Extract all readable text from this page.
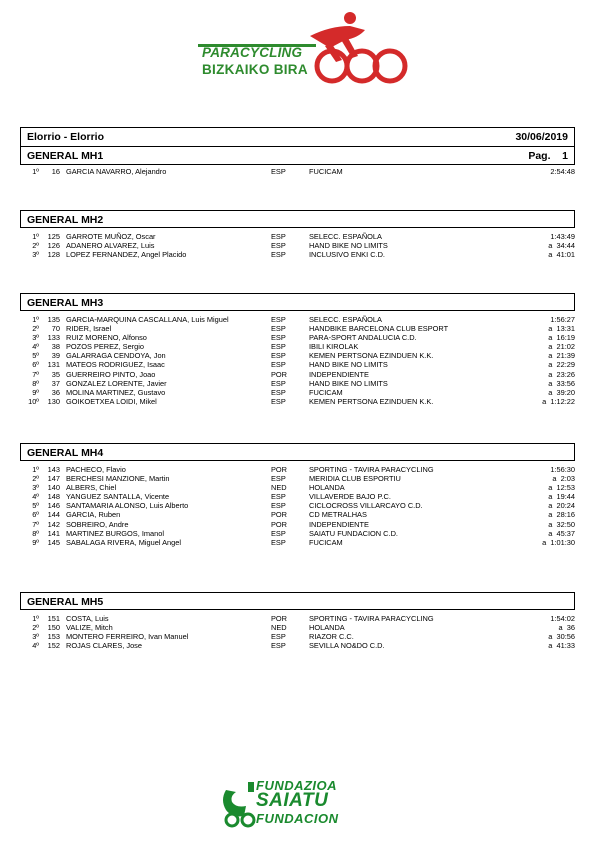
PARACYCLING
BIZKAIKO BIRA
Elorrio - Elorrio	30/06/2019
GENERAL MH1	Pag.    1
1º	16 GARCIA NAVARRO, Alejandro	ESP	FUCICAM	2:54:48
GENERAL MH2
1º	125 GARROTE MUÑOZ, Oscar	ESP	SELECC. ESPAÑOLA	1:43:49
2º	126 ADANERO ALVAREZ, Luis	ESP	HAND BIKE NO LIMITS	a  34:44
3º	128 LOPEZ FERNANDEZ, Angel Placido	ESP	INCLUSIVO ENKI C.D.	a  41:01
GENERAL MH3
1º	135 GARCIA-MARQUINA CASCALLANA, Luis Miguel	ESP	SELECC. ESPAÑOLA	1:56:27
2º	70 RIDER, Israel	ESP	HANDBIKE BARCELONA CLUB ESPORT	a  13:31
3º	133 RUIZ MORENO, Alfonso	ESP	PARA-SPORT ANDALUCIA C.D.	a  16:19
4º	38 POZOS PEREZ, Sergio	ESP	IBILI KIROLAK	a  21:02
5º	39 GALARRAGA CENDOYA, Jon	ESP	KEMEN PERTSONA EZINDUEN K.K.	a  21:39
6º	131 MATEOS RODRIGUEZ, Isaac	ESP	HAND BIKE NO LIMITS	a  22:29
7º	35 GUERREIRO PINTO, Joao	POR	INDEPENDIENTE	a  23:26
8º	37 GONZALEZ LORENTE, Javier	ESP	HAND BIKE NO LIMITS	a  33:56
9º	36 MOLINA MARTINEZ, Gustavo	ESP	FUCICAM	a  39:20
10º	130 GOIKOETXEA LOIDI, Mikel	ESP	KEMEN PERTSONA EZINDUEN K.K.	a  1:12:22
GENERAL MH4
1º	143 PACHECO, Flavio	POR	SPORTING - TAVIRA PARACYCLING	1:56:30
2º	147 BERCHESI MANZIONE, Martin	ESP	MERIDIA CLUB ESPORTIU	a  2:03
3º	140 ALBERS, Chiel	NED	HOLANDA	a  12:53
4º	148 YANGUEZ SANTALLA, Vicente	ESP	VILLAVERDE BAJO P.C.	a  19:44
5º	146 SANTAMARIA ALONSO, Luis Alberto	ESP	CICLOCROSS VILLARCAYO C.D.	a  20:24
6º	144 GARCIA, Ruben	POR	CD METRALHAS	a  28:16
7º	142 SOBREIRO, Andre	POR	INDEPENDIENTE	a  32:50
8º	141 MARTINEZ BURGOS, Imanol	ESP	SAIATU FUNDACION C.D.	a  45:37
9º	145 SABALAGA RIVERA, Miguel Angel	ESP	FUCICAM	a  1:01:30
GENERAL MH5
1º	151 COSTA, Luis	POR	SPORTING - TAVIRA PARACYCLING	1:54:02
2º	150 VALIZE, Mitch	NED	HOLANDA	a  36
3º	153 MONTERO FERREIRO, Ivan Manuel	ESP	RIAZOR C.C.	a  30:56
4º	152 ROJAS CLARES, Jose	ESP	SEVILLA NO&DO C.D.	a  41:33
FUNDAZIOA
SAIATU
FUNDACION
